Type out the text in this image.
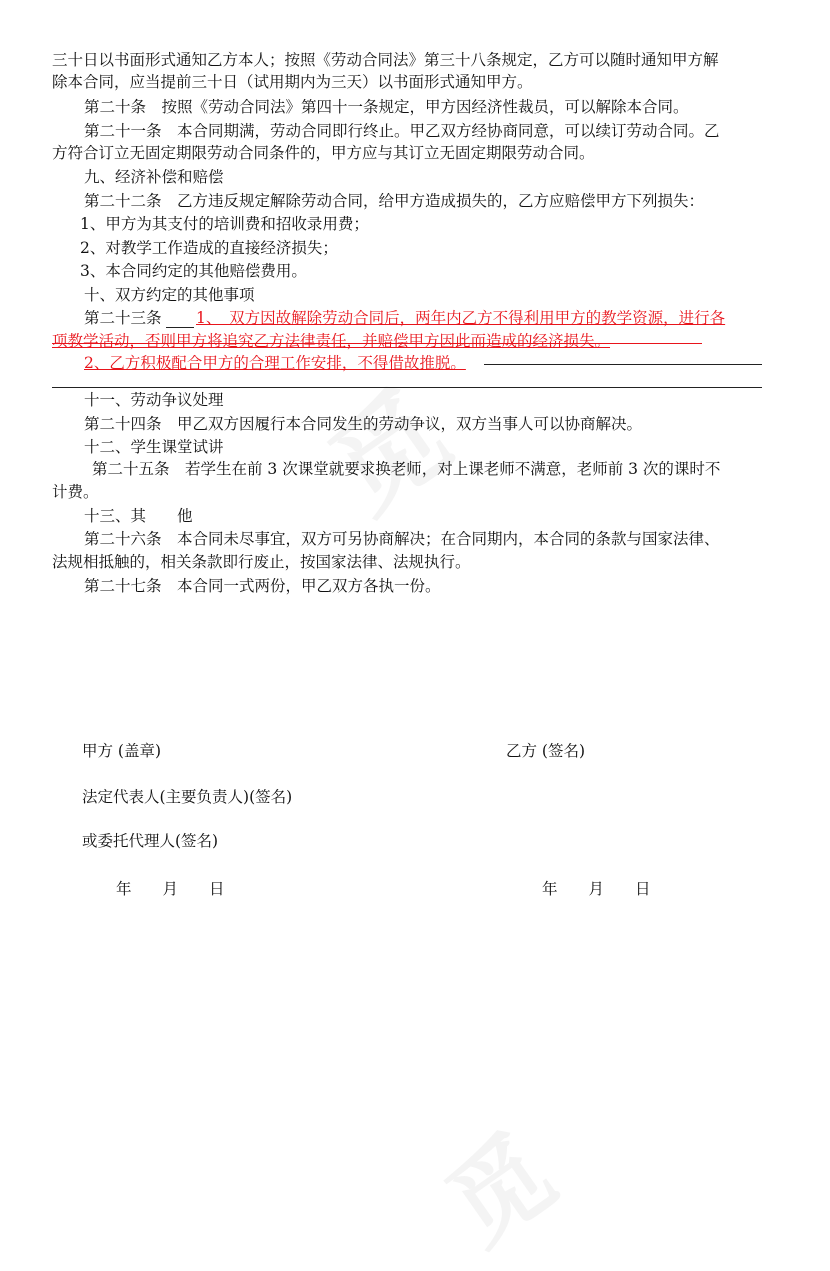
三十日以书面形式通知乙方本人；按照《劳动合同法》第三十八条规定，乙方可以随时通知甲方解
除本合同，应当提前三十日（试用期内为三天）以书面形式通知甲方。
第二十条　按照《劳动合同法》第四十一条规定，甲方因经济性裁员，可以解除本合同。
第二十一条　本合同期满，劳动合同即行终止。甲乙双方经协商同意，可以续订劳动合同。乙
方符合订立无固定期限劳动合同条件的，甲方应与其订立无固定期限劳动合同。
九、经济补偿和赔偿
第二十二条　乙方违反规定解除劳动合同，给甲方造成损失的，乙方应赔偿甲方下列损失：
1、甲方为其支付的培训费和招收录用费；
2、对教学工作造成的直接经济损失；
3、本合同约定的其他赔偿费用。
十、双方约定的其他事项
第二十三条	1、　双方因故解除劳动合同后，两年内乙方不得利用甲方的教学资源，进行各
项教学活动，否则甲方将追究乙方法律责任，并赔偿甲方因此而造成的经济损失。
2、乙方积极配合甲方的合理工作安排，不得借故推脱。
十一、劳动争议处理
第二十四条　甲乙双方因履行本合同发生的劳动争议，双方当事人可以协商解决。
十二、学生课堂试讲
第二十五条　若学生在前 3 次课堂就要求换老师，对上课老师不满意，老师前 3 次的课时不
计费。
十三、其　　他
第二十六条　本合同未尽事宜，双方可另协商解决；在合同期内，本合同的条款与国家法律、
法规相抵触的，相关条款即行废止，按国家法律、法规执行。
第二十七条　本合同一式两份，甲乙双方各执一份。
甲方 (盖章)	乙方 (签名)
法定代表人(主要负责人)(签名)
或委托代理人(签名)
年　　月　　日	年　　月　　日
